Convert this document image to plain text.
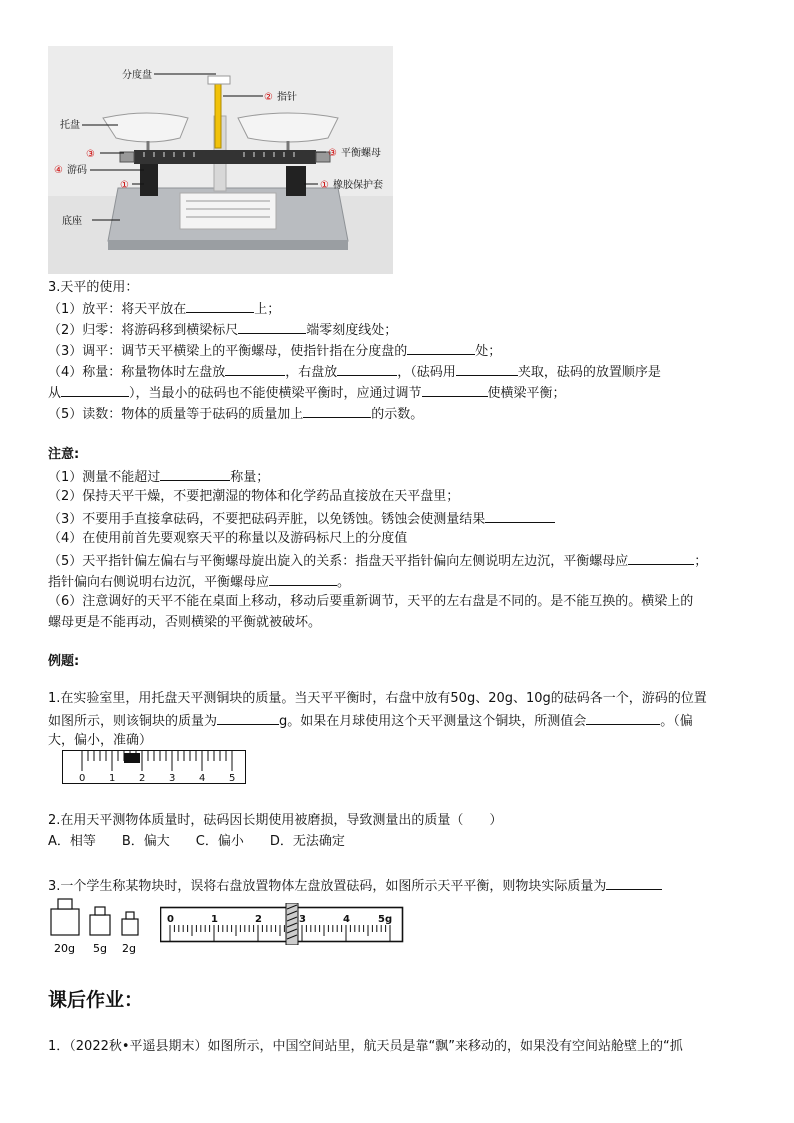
分度盘
托盘
底座
② 指针
③	③ 平衡螺母
④ 游码
①	① 橡胶保护套
3.天平的使用：
（1）放平：将天平放在	上；
（2）归零：将游码移到横梁标尺	端零刻度线处；
（3）调平：调节天平横梁上的平衡螺母，使指针指在分度盘的	处；
（4）称量：称量物体时左盘放	，右盘放	，（砝码用	夹取，砝码的放置顺序是
从	），当最小的砝码也不能使横梁平衡时，应通过调节	使横梁平衡；
（5）读数：物体的质量等于砝码的质量加上	的示数。
注意:
（1）测量不能超过	称量；
（2）保持天平干燥，不要把潮湿的物体和化学药品直接放在天平盘里；
（3）不要用手直接拿砝码，不要把砝码弄脏，以免锈蚀。锈蚀会使测量结果
（4）在使用前首先要观察天平的称量以及游码标尺上的分度值
（5）天平指针偏左偏右与平衡螺母旋出旋入的关系：指盘天平指针偏向左侧说明左边沉，平衡螺母应	；
指针偏向右侧说明右边沉，平衡螺母应	。
（6）注意调好的天平不能在桌面上移动，移动后要重新调节，天平的左右盘是不同的。是不能互换的。横梁上的
螺母更是不能再动，否则横梁的平衡就被破坏。
例题:
1.在实验室里，用托盘天平测铜块的质量。当天平平衡时，右盘中放有50g、20g、10g的砝码各一个，游码的位置
如图所示，则该铜块的质量为	g。如果在月球使用这个天平测量这个铜块，所测值会	。（偏
大，偏小，准确）
0 1 2 3 4 5
2.在用天平测物体质量时，砝码因长期使用被磨损，导致测量出的质量（　　）
A．相等　　B．偏大　　C．偏小　　D．无法确定
3.一个学生称某物块时，误将右盘放置物体左盘放置砝码，如图所示天平平衡，则物块实际质量为
20g 5g 2g
0	1	2	3	4	5g
课后作业：
1．（2022秋•平遥县期末）如图所示，中国空间站里，航天员是靠“飘”来移动的，如果没有空间站舱壁上的“抓
